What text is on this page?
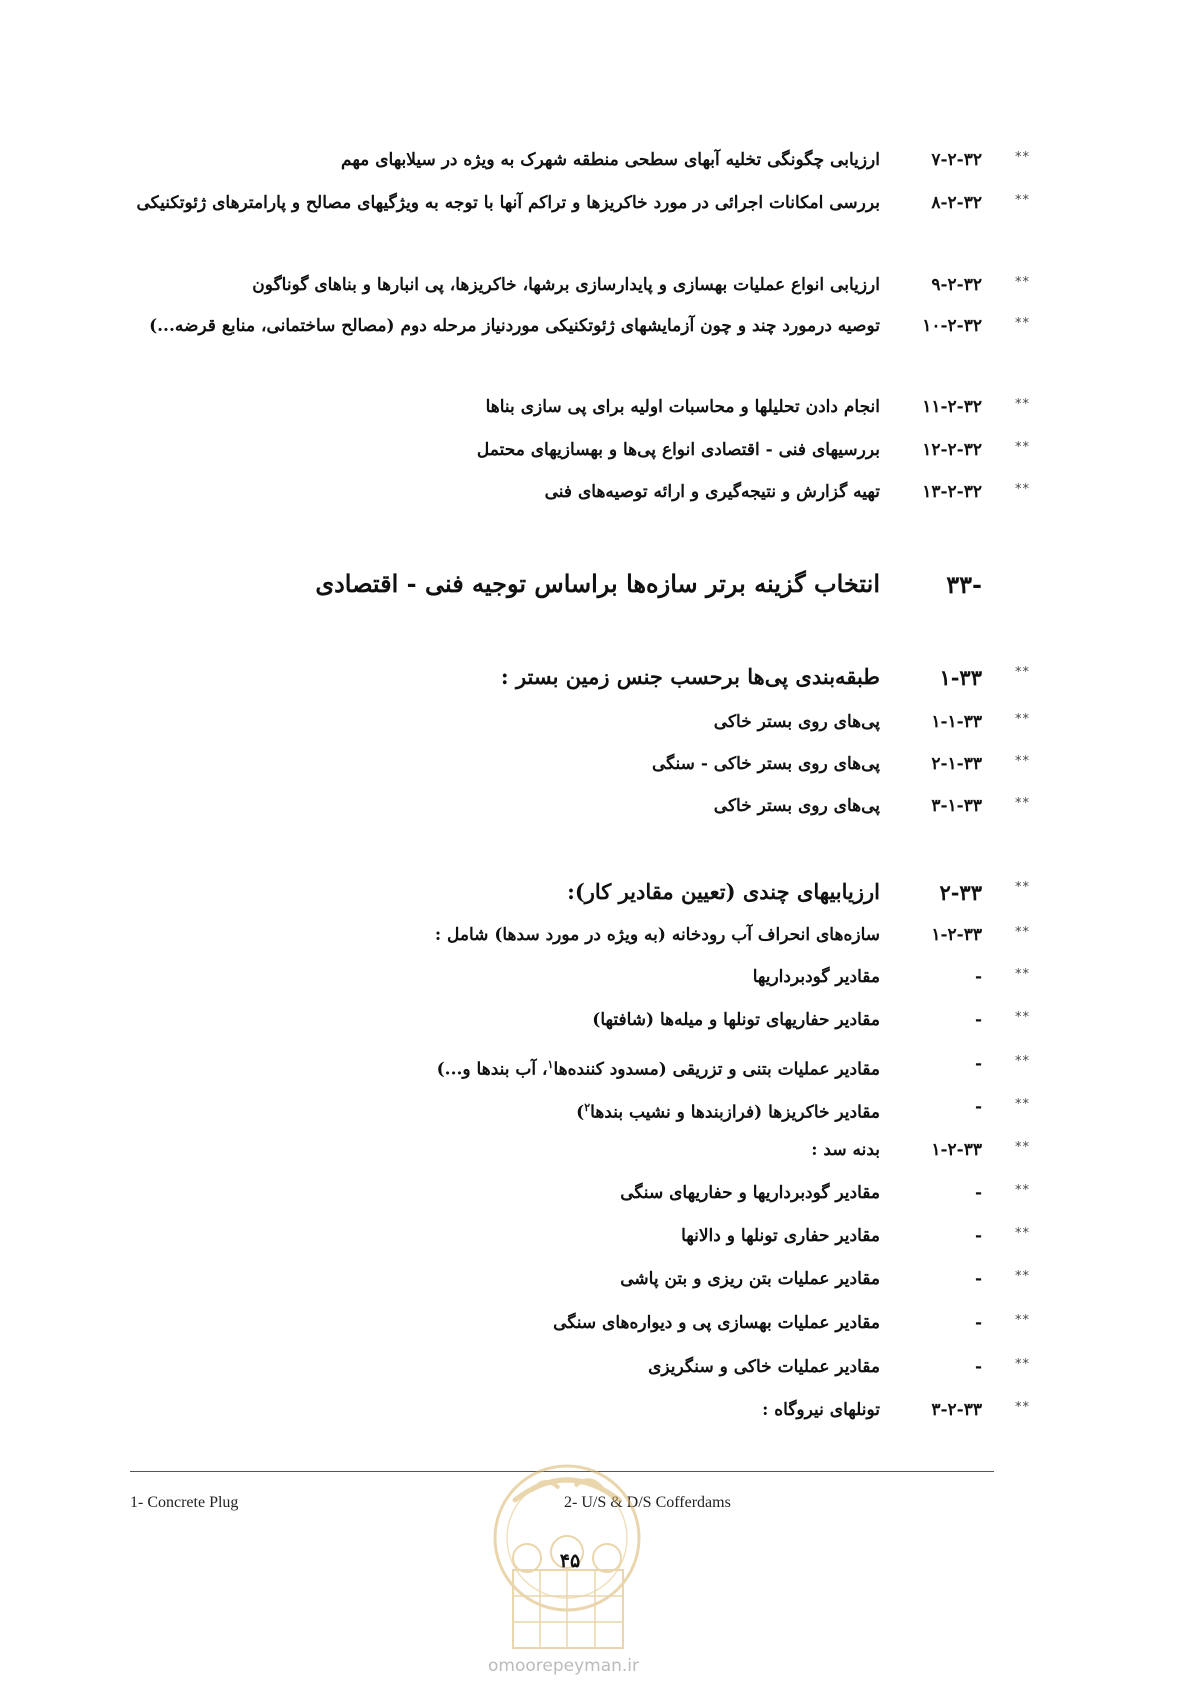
**
۷-۲-۳۲
ارزیابی چگونگی تخلیه آبهای سطحی منطقه شهرک به ویژه در سیلابهای مهم
**
۸-۲-۳۲
بررسی امکانات اجرائی در مورد خاکریزها و تراکم آنها با توجه به ویژگیهای مصالح و پارامترهای ژئوتکنیکی
**
۹-۲-۳۲
ارزیابی انواع عملیات بهسازی و پایدارسازی برشها، خاکریزها، پی انبارها و بناهای گوناگون
**
۱۰-۲-۳۲
توصیه درمورد چند و چون آزمایشهای ژئوتکنیکی موردنیاز مرحله دوم (مصالح ساختمانی، منابع قرضه...)
**
۱۱-۲-۳۲
انجام دادن تحلیلها و محاسبات اولیه برای پی سازی بناها
**
۱۲-۲-۳۲
بررسیهای فنی - اقتصادی انواع پی‌ها و بهسازیهای محتمل
**
۱۳-۲-۳۲
تهیه گزارش و نتیجه‌گیری و ارائه توصیه‌های فنی
-۳۳
انتخاب گزینه برتر سازه‌ها براساس توجیه فنی - اقتصادی
**
۱-۳۳
طبقه‌بندی پی‌ها برحسب جنس زمین بستر :
**
۱-۱-۳۳
پی‌های روی بستر خاکی
**
۲-۱-۳۳
پی‌های روی بستر خاکی - سنگی
**
۳-۱-۳۳
پی‌های روی بستر خاکی
**
۲-۳۳
ارزیابیهای چندی (تعیین مقادیر کار):
**
۱-۲-۳۳
سازه‌های انحراف آب رودخانه (به ویژه در مورد سدها) شامل :
**
-
مقادیر گودبرداریها
**
-
مقادیر حفاریهای تونلها و میله‌ها (شافتها)
**
-
مقادیر عملیات بتنی و تزریقی (مسدود کننده‌ها$^۱$، آب بندها و...)
**
-
مقادیر خاکریزها (فرازبندها و نشیب بندها$^۲$)
**
۱-۲-۳۳
بدنه سد :
**
-
مقادیر گودبرداریها و حفاریهای سنگی
**
-
مقادیر حفاری تونلها و دالانها
**
-
مقادیر عملیات بتن ریزی و بتن پاشی
**
-
مقادیر عملیات بهسازی پی و دیواره‌های سنگی
**
-
مقادیر عملیات خاکی و سنگریزی
**
۳-۲-۳۳
تونلهای نیروگاه :
1- Concrete Plug	2- U/S & D/S Cofferdams
۴۵
omoorepeyman.ir
